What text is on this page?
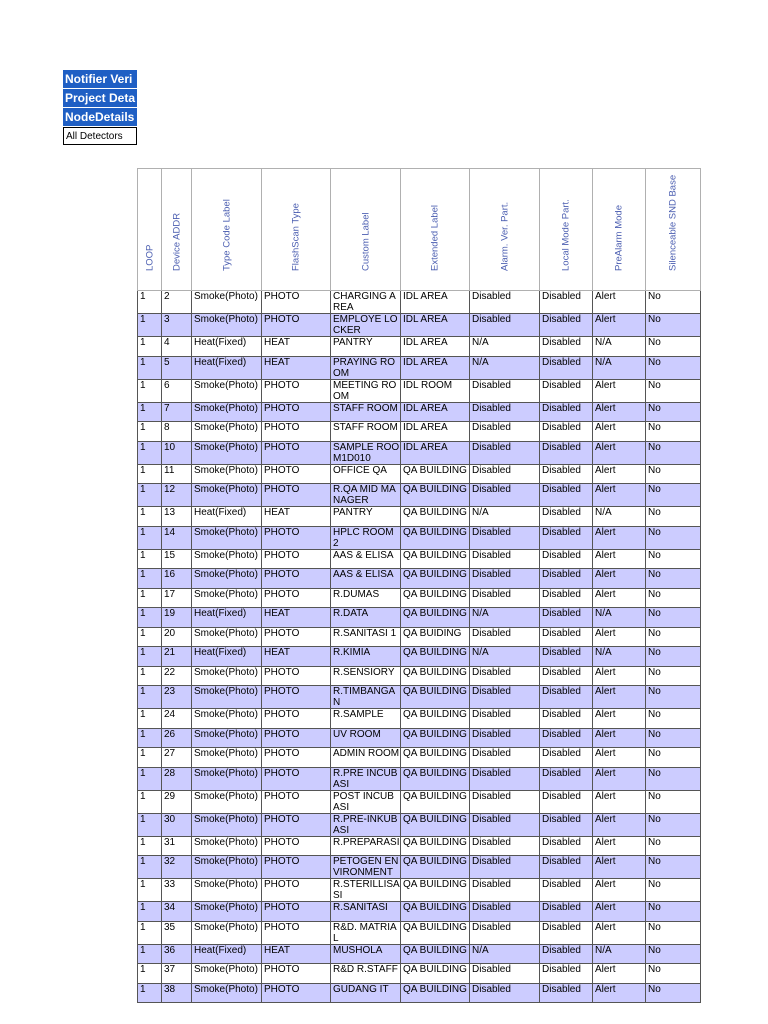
Notifier Veri
Project Deta
NodeDetails
All Detectors
LOOP	Device ADDR	Type Code Label	FlashScan Type	Custom Label	Extended Label	Alarm. Ver. Part.	Local Mode Part.	PreAlarm Mode	Silenceable SND Base

1	2	Smoke(Photo)	PHOTO	CHARGING AREA	IDL AREA	Disabled	Disabled	Alert	No
1	3	Smoke(Photo)	PHOTO	EMPLOYE LOCKER	IDL AREA	Disabled	Disabled	Alert	No
1	4	Heat(Fixed)	HEAT	PANTRY	IDL AREA	N/A	Disabled	N/A	No
1	5	Heat(Fixed)	HEAT	PRAYING ROOM	IDL AREA	N/A	Disabled	N/A	No
1	6	Smoke(Photo)	PHOTO	MEETING ROOM	IDL ROOM	Disabled	Disabled	Alert	No
1	7	Smoke(Photo)	PHOTO	STAFF ROOM	IDL AREA	Disabled	Disabled	Alert	No
1	8	Smoke(Photo)	PHOTO	STAFF ROOM	IDL AREA	Disabled	Disabled	Alert	No
1	10	Smoke(Photo)	PHOTO	SAMPLE ROOM1D010	IDL AREA	Disabled	Disabled	Alert	No
1	11	Smoke(Photo)	PHOTO	OFFICE QA	QA BUILDING	Disabled	Disabled	Alert	No
1	12	Smoke(Photo)	PHOTO	R.QA MID MANAGER	QA BUILDING	Disabled	Disabled	Alert	No
1	13	Heat(Fixed)	HEAT	PANTRY	QA BUILDING	N/A	Disabled	N/A	No
1	14	Smoke(Photo)	PHOTO	HPLC ROOM 2	QA BUILDING	Disabled	Disabled	Alert	No
1	15	Smoke(Photo)	PHOTO	AAS & ELISA	QA BUILDING	Disabled	Disabled	Alert	No
1	16	Smoke(Photo)	PHOTO	AAS & ELISA	QA BUILDING	Disabled	Disabled	Alert	No
1	17	Smoke(Photo)	PHOTO	R.DUMAS	QA BUILDING	Disabled	Disabled	Alert	No
1	19	Heat(Fixed)	HEAT	R.DATA	QA BUILDING	N/A	Disabled	N/A	No
1	20	Smoke(Photo)	PHOTO	R.SANITASI 1	QA BUIDING	Disabled	Disabled	Alert	No
1	21	Heat(Fixed)	HEAT	R.KIMIA	QA BUILDING	N/A	Disabled	N/A	No
1	22	Smoke(Photo)	PHOTO	R.SENSIORY	QA BUILDING	Disabled	Disabled	Alert	No
1	23	Smoke(Photo)	PHOTO	R.TIMBANGAN	QA BUILDING	Disabled	Disabled	Alert	No
1	24	Smoke(Photo)	PHOTO	R.SAMPLE	QA BUILDING	Disabled	Disabled	Alert	No
1	26	Smoke(Photo)	PHOTO	UV ROOM	QA BUILDING	Disabled	Disabled	Alert	No
1	27	Smoke(Photo)	PHOTO	ADMIN ROOM	QA BUILDING	Disabled	Disabled	Alert	No
1	28	Smoke(Photo)	PHOTO	R.PRE INCUBASI	QA BUILDING	Disabled	Disabled	Alert	No
1	29	Smoke(Photo)	PHOTO	POST INCUBASI	QA BUILDING	Disabled	Disabled	Alert	No
1	30	Smoke(Photo)	PHOTO	R.PRE-INKUBASI	QA BUILDING	Disabled	Disabled	Alert	No
1	31	Smoke(Photo)	PHOTO	R.PREPARASI	QA BUILDING	Disabled	Disabled	Alert	No
1	32	Smoke(Photo)	PHOTO	PETOGEN ENVIRONMENT	QA BUILDING	Disabled	Disabled	Alert	No
1	33	Smoke(Photo)	PHOTO	R.STERILLISASI	QA BUILDING	Disabled	Disabled	Alert	No
1	34	Smoke(Photo)	PHOTO	R.SANITASI	QA BUILDING	Disabled	Disabled	Alert	No
1	35	Smoke(Photo)	PHOTO	R&D. MATRIAL	QA BUILDING	Disabled	Disabled	Alert	No
1	36	Heat(Fixed)	HEAT	MUSHOLA	QA BUILDING	N/A	Disabled	N/A	No
1	37	Smoke(Photo)	PHOTO	R&D R.STAFF	QA BUILDING	Disabled	Disabled	Alert	No
1	38	Smoke(Photo)	PHOTO	GUDANG IT	QA BUILDING	Disabled	Disabled	Alert	No
